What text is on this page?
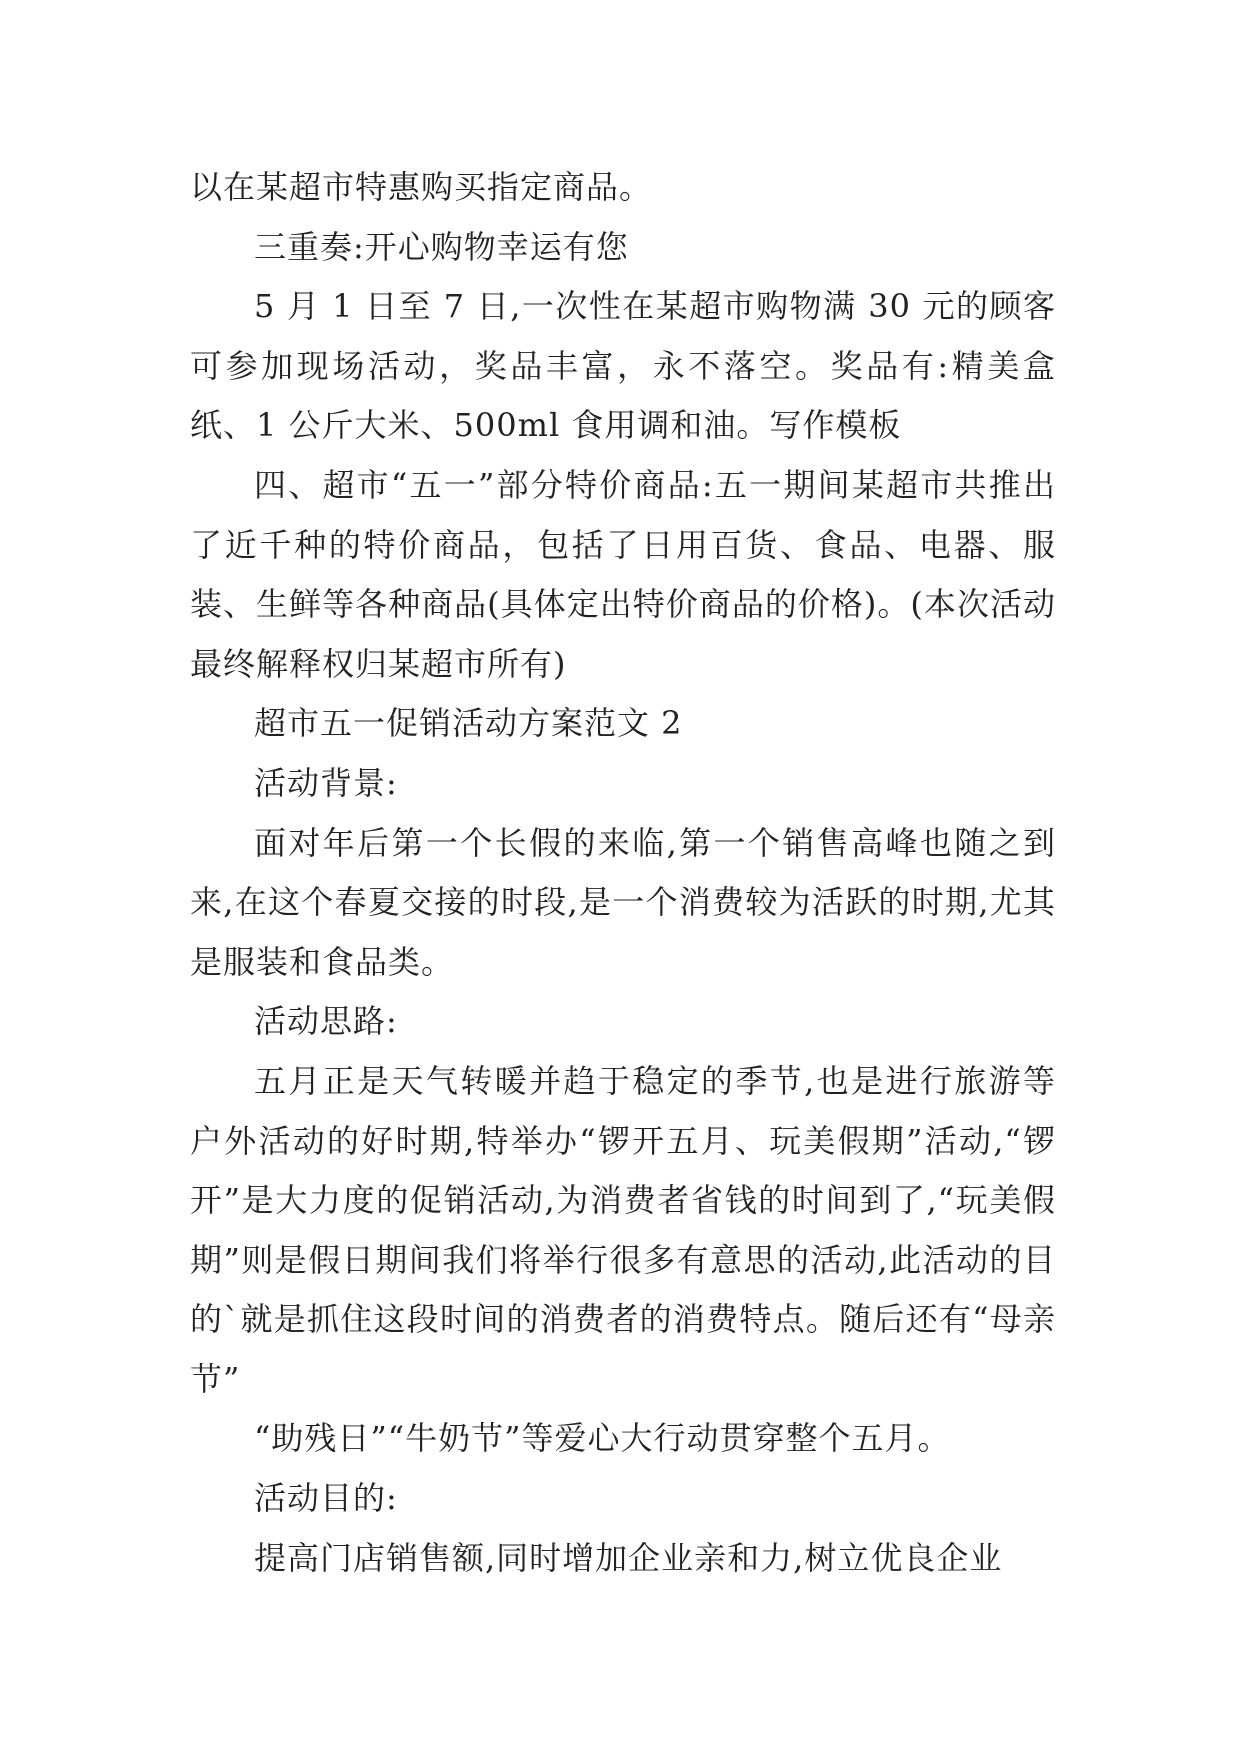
以在某超市特惠购买指定商品。

三重奏:开心购物幸运有您

5 月 1 日至 7 日,一次性在某超市购物满 30 元的顾客可参加现场活动，奖品丰富，永不落空。奖品有:精美盒纸、1 公斤大米、500ml 食用调和油。写作模板

四、超市“五一”部分特价商品:五一期间某超市共推出了近千种的特价商品，包括了日用百货、食品、电器、服装、生鲜等各种商品(具体定出特价商品的价格)。(本次活动最终解释权归某超市所有)

超市五一促销活动方案范文 2

活动背景:

面对年后第一个长假的来临,第一个销售高峰也随之到来,在这个春夏交接的时段,是一个消费较为活跃的时期,尤其是服装和食品类。

活动思路:

五月正是天气转暖并趋于稳定的季节,也是进行旅游等户外活动的好时期,特举办“锣开五月、玩美假期”活动,“锣开”是大力度的促销活动,为消费者省钱的时间到了,“玩美假期”则是假日期间我们将举行很多有意思的活动,此活动的目的`就是抓住这段时间的消费者的消费特点。随后还有“母亲节”

“助残日”“牛奶节”等爱心大行动贯穿整个五月。

活动目的:

提高门店销售额,同时增加企业亲和力,树立优良企业
